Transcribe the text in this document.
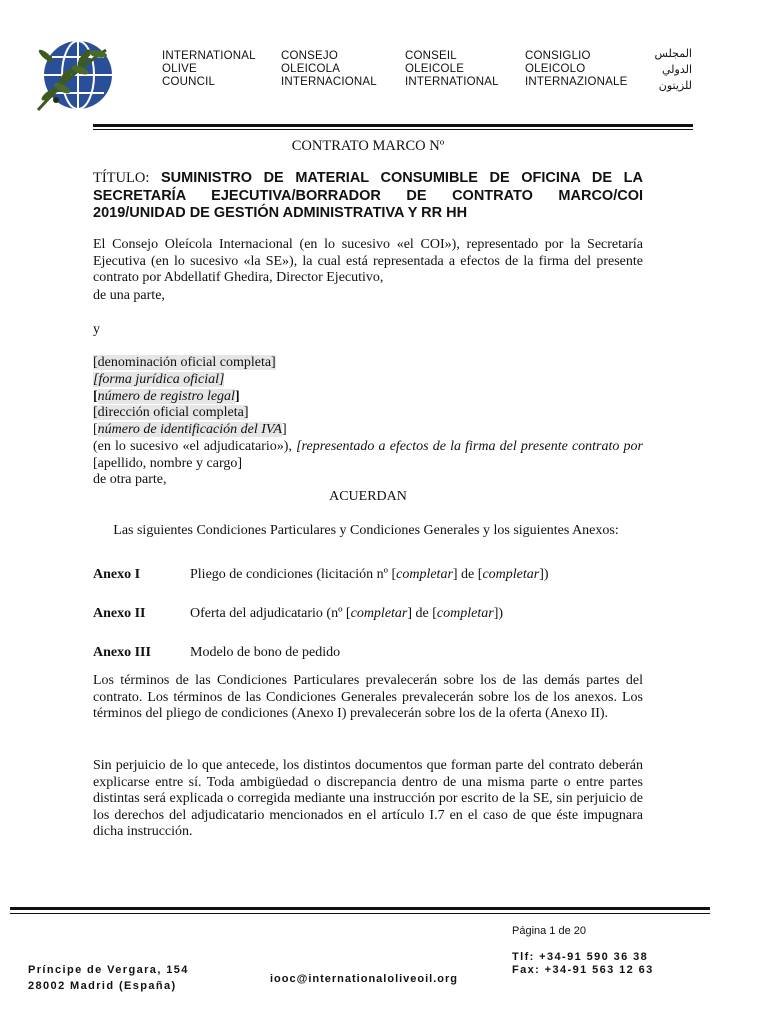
INTERNATIONAL
OLIVE
COUNCIL
CONSEJO
OLEICOLA
INTERNACIONAL
CONSEIL
OLEICOLE
INTERNATIONAL
CONSIGLIO
OLEICOLO
INTERNAZIONALE
المجلس
الدولي
للزيتون
CONTRATO MARCO Nº
TÍTULO: SUMINISTRO DE MATERIAL CONSUMIBLE DE OFICINA DE LA SECRETARÍA EJECUTIVA/BORRADOR DE CONTRATO MARCO/COI 2019/UNIDAD DE GESTIÓN ADMINISTRATIVA Y RR HH
El Consejo Oleícola Internacional (en lo sucesivo «el COI»), representado por la Secretaría Ejecutiva (en lo sucesivo «la SE»), la cual está representada a efectos de la firma del presente contrato por Abdellatif Ghedira, Director Ejecutivo,
de una parte,
y
[denominación oficial completa]
[forma jurídica oficial]
[número de registro legal]
[dirección oficial completa]
[número de identificación del IVA]
(en lo sucesivo «el adjudicatario»), [representado a efectos de la firma del presente contrato por [apellido, nombre y cargo]
de otra parte,
ACUERDAN
Las siguientes Condiciones Particulares y Condiciones Generales y los siguientes Anexos:
Anexo I	Pliego de condiciones (licitación nº [completar] de [completar])
Anexo II	Oferta del adjudicatario (nº [completar] de [completar])
Anexo III	Modelo de bono de pedido
Los términos de las Condiciones Particulares prevalecerán sobre los de las demás partes del contrato. Los términos de las Condiciones Generales prevalecerán sobre los de los anexos. Los términos del pliego de condiciones (Anexo I) prevalecerán sobre los de la oferta (Anexo II).
Sin perjuicio de lo que antecede, los distintos documentos que forman parte del contrato deberán explicarse entre sí. Toda ambigüedad o discrepancia dentro de una misma parte o entre partes distintas será explicada o corregida mediante una instrucción por escrito de la SE, sin perjuicio de los derechos del adjudicatario mencionados en el artículo I.7 en el caso de que éste impugnara dicha instrucción.
Página 1 de 20
Tlf: +34-91 590 36 38
Fax: +34-91 563 12 63
Príncipe de Vergara, 154
28002 Madrid (España)
iooc@internationaloliveoil.org
